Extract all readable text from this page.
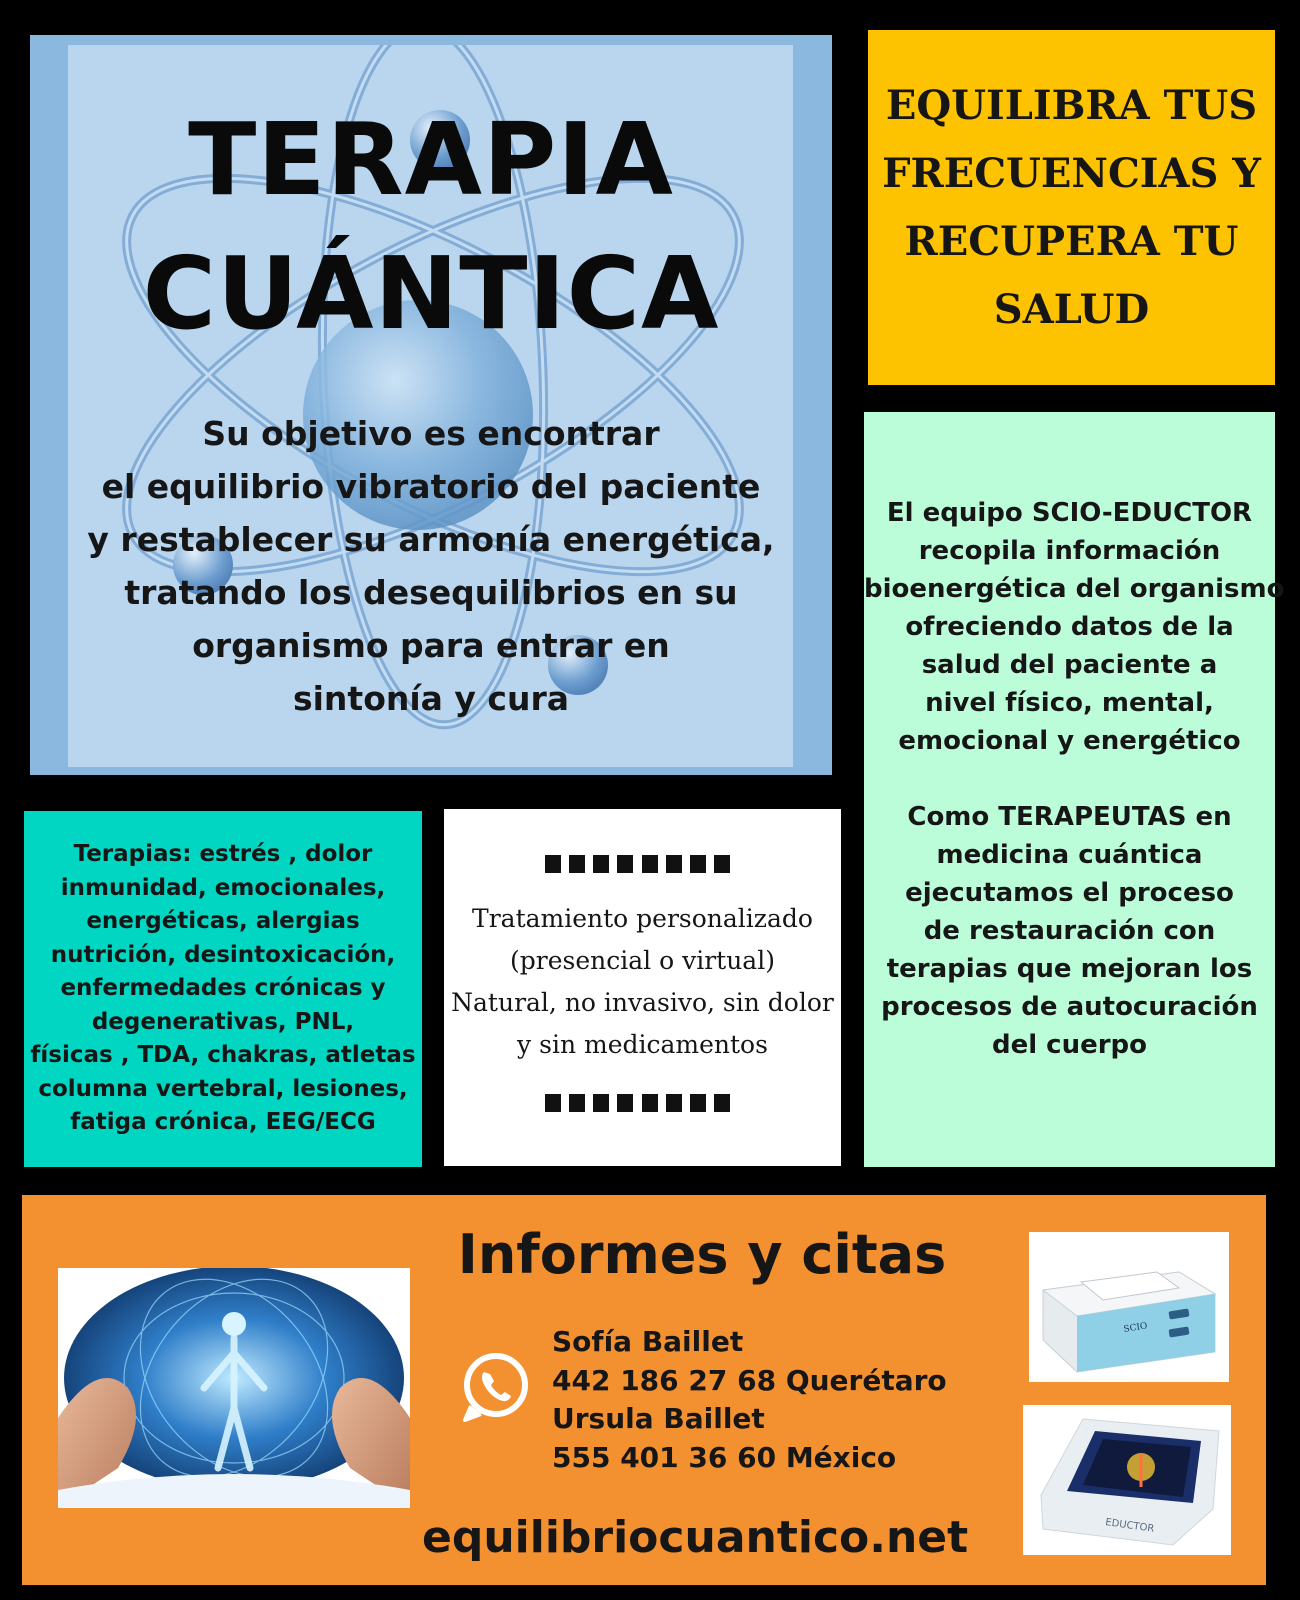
TERAPIA
CUÁNTICA
Su objetivo es encontrar
el equilibrio vibratorio del paciente
y restablecer su armonía energética,
tratando los desequilibrios en su
organismo para entrar en
sintonía y cura
EQUILIBRA TUS
FRECUENCIAS Y
RECUPERA TU
SALUD
El equipo SCIO-EDUCTOR
recopila información
bioenergética del organismo
ofreciendo datos de la
salud del paciente a
nivel físico, mental,
emocional y energético
Como TERAPEUTAS en
medicina cuántica
ejecutamos el proceso
de restauración con
terapias que mejoran los
procesos de autocuración
del cuerpo
Terapias: estrés , dolor
inmunidad, emocionales,
energéticas, alergias
nutrición, desintoxicación,
enfermedades crónicas y
degenerativas, PNL,
físicas , TDA, chakras, atletas
columna vertebral, lesiones,
fatiga crónica, EEG/ECG
Tratamiento personalizado
(presencial o virtual)
Natural, no invasivo, sin dolor
y sin medicamentos
Informes y citas
Sofía Baillet
442 186 27 68 Querétaro
Ursula Baillet
555 401 36 60 México
equilibriocuantico.net
SCIO
EDUCTOR
